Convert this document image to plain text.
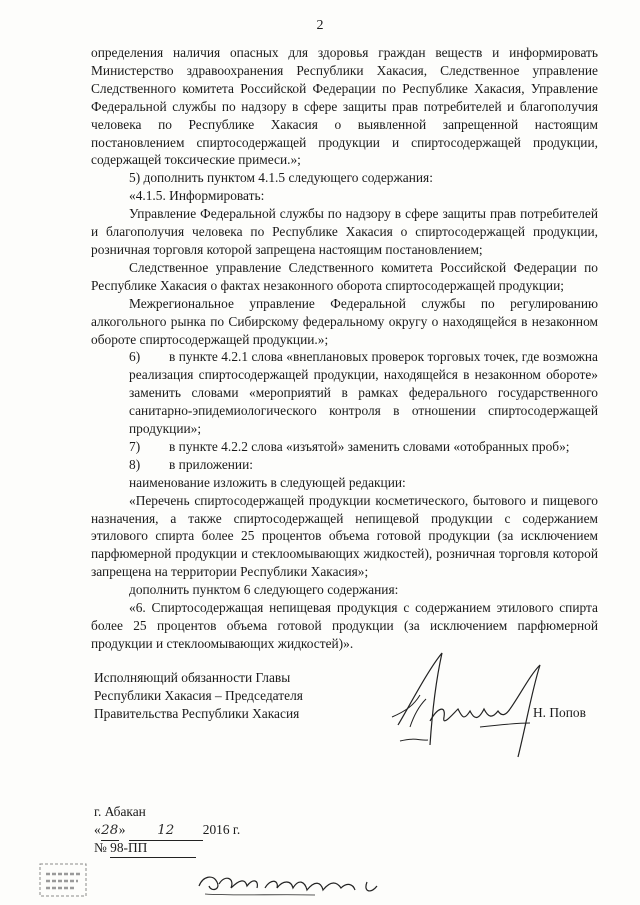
2

определения наличия опасных для здоровья граждан веществ и информировать Министерство здравоохранения Республики Хакасия, Следственное управление Следственного комитета Российской Федерации по Республике Хакасия, Управление Федеральной службы по надзору в сфере защиты прав потребителей и благополучия человека по Республике Хакасия о выявленной запрещенной настоящим постановлением спиртосодержащей продукции и спиртосодержащей продукции, содержащей токсические примеси.»;

5) дополнить пунктом 4.1.5 следующего содержания:

«4.1.5. Информировать:

Управление Федеральной службы по надзору в сфере защиты прав потребителей и благополучия человека по Республике Хакасия о спиртосодержащей продукции, розничная торговля которой запрещена настоящим постановлением;

Следственное управление Следственного комитета Российской Федерации по Республике Хакасия о фактах незаконного оборота спиртосодержащей продукции;

Межрегиональное управление Федеральной службы по регулированию алкогольного рынка по Сибирскому федеральному округу о находящейся в незаконном обороте спиртосодержащей продукции.»;

6) в пункте 4.2.1 слова «внеплановых проверок торговых точек, где возможна реализация спиртосодержащей продукции, находящейся в незаконном обороте» заменить словами «мероприятий в рамках федерального государственного санитарно-эпидемиологического контроля в отношении спиртосодержащей продукции»;

7) в пункте 4.2.2 слова «изъятой» заменить словами «отобранных проб»;

8) в приложении:

наименование изложить в следующей редакции:

«Перечень спиртосодержащей продукции косметического, бытового и пищевого назначения, а также спиртосодержащей непищевой продукции с содержанием этилового спирта более 25 процентов объема готовой продукции (за исключением парфюмерной продукции и стеклоомывающих жидкостей), розничная торговля которой запрещена на территории Республики Хакасия»;

дополнить пунктом 6 следующего содержания:

«6. Спиртосодержащая непищевая продукция с содержанием этилового спирта более 25 процентов объема готовой продукции (за исключением парфюмерной продукции и стеклоомывающих жидкостей)».

Исполняющий обязанности Главы
Республики Хакасия – Председателя
Правительства Республики Хакасия	Н. Попов
г. Абакан
«28» 12 2016 г.
№ 98-ПП
